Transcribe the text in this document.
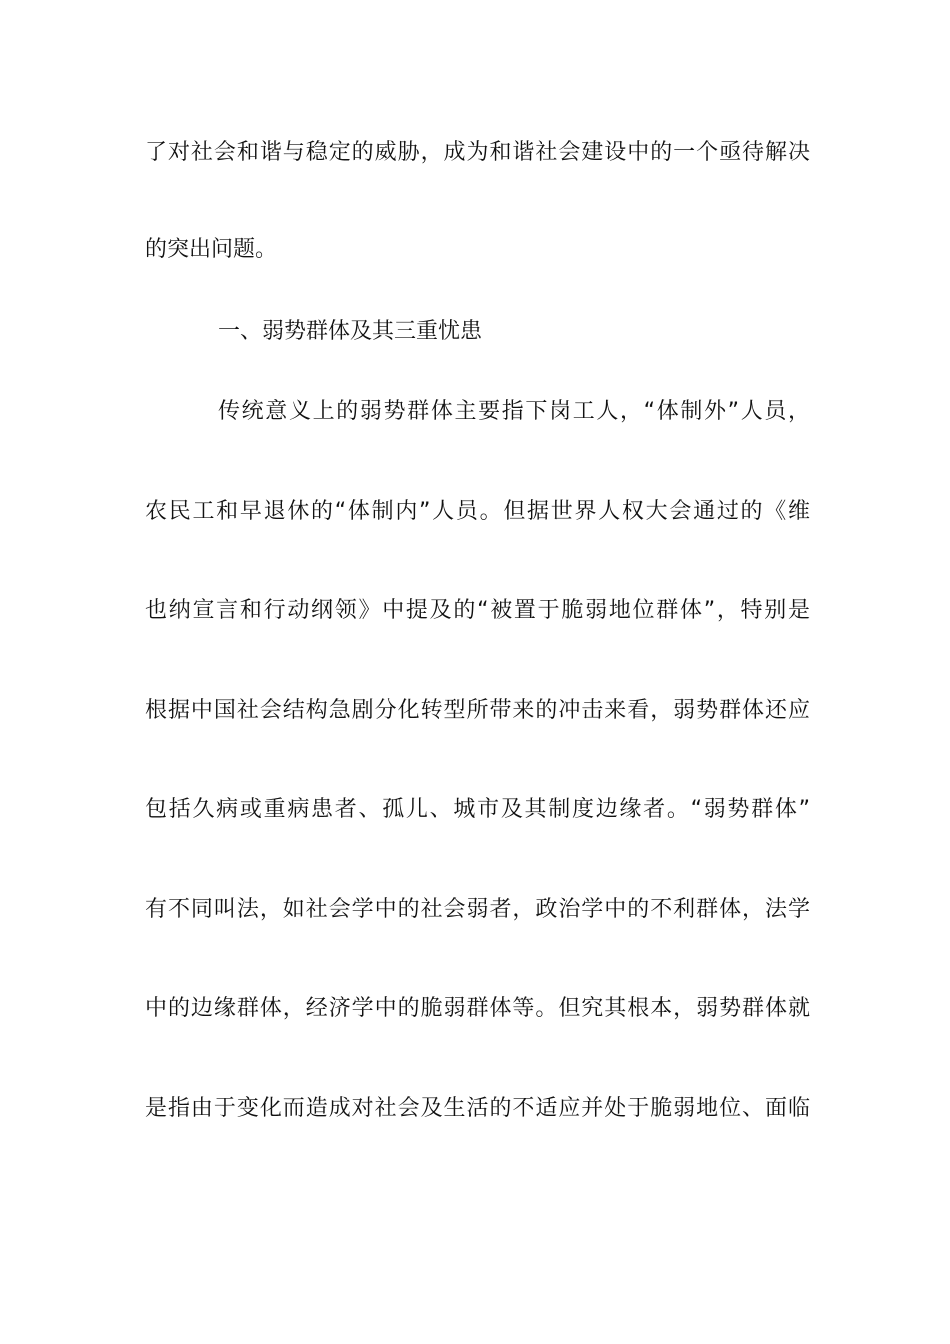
了对社会和谐与稳定的威胁，成为和谐社会建设中的一个亟待解决
的突出问题。
一、弱势群体及其三重忧患
传统意义上的弱势群体主要指下岗工人，“体制外”人员，
农民工和早退休的“体制内”人员。但据世界人权大会通过的《维
也纳宣言和行动纲领》中提及的“被置于脆弱地位群体”，特别是
根据中国社会结构急剧分化转型所带来的冲击来看，弱势群体还应
包括久病或重病患者、孤儿、城市及其制度边缘者。“弱势群体”
有不同叫法，如社会学中的社会弱者，政治学中的不利群体，法学
中的边缘群体，经济学中的脆弱群体等。但究其根本，弱势群体就
是指由于变化而造成对社会及生活的不适应并处于脆弱地位、面临
